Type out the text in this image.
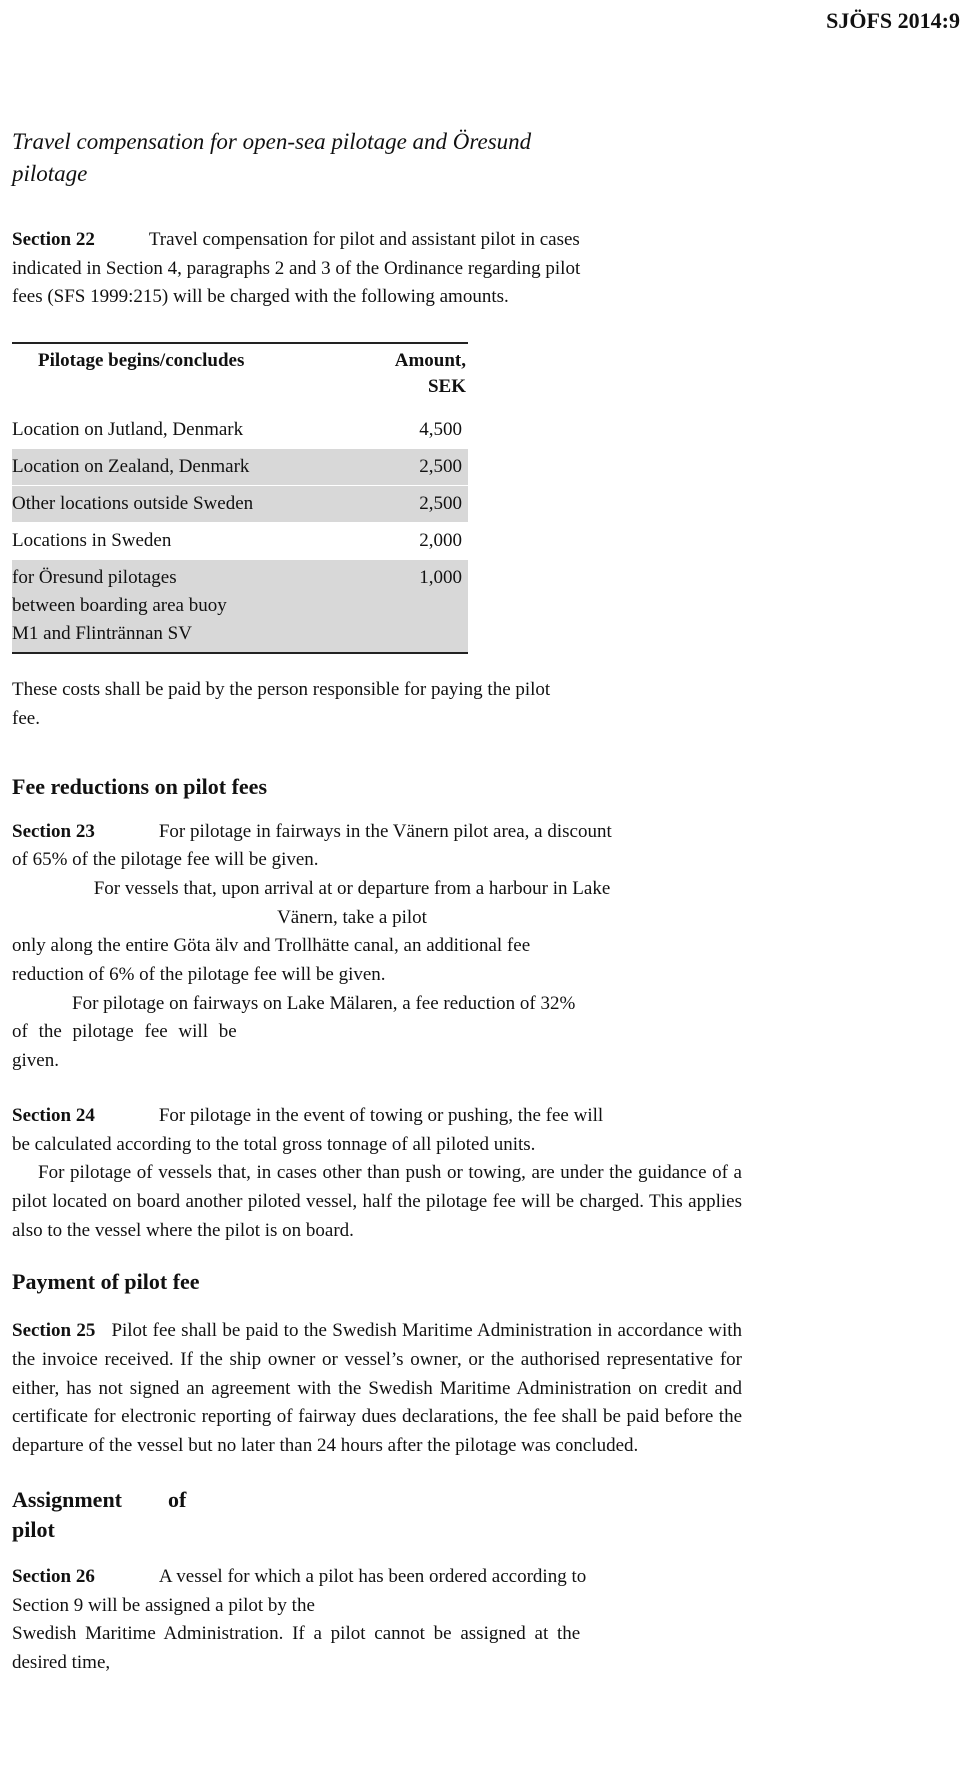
SJÖFS 2014:9

Travel compensation for open-sea pilotage and Öresund

pilotage

Section 22	Travel compensation for pilot and assistant pilot in cases

indicated in Section 4, paragraphs 2 and 3 of the Ordinance regarding pilot

fees (SFS 1999:215) will be charged with the following amounts.

Pilotage begins/concludes	Amount,
SEK
Location on Jutland, Denmark	4,500
Location on Zealand, Denmark	2,500
Other locations outside Sweden	2,500
Locations in Sweden	2,000
for Öresund pilotages
between boarding area buoy
M1 and Flintrännan SV	1,000

These costs shall be paid by the person responsible for paying the pilot

fee.

Fee reductions on pilot fees

Section 23	For pilotage in fairways in the Vänern pilot area, a discount

of 65% of the pilotage fee will be given.

For vessels that, upon arrival at or departure from a harbour in Lake

Vänern, take a pilot

only along the entire Göta älv and Trollhätte canal, an additional fee

reduction of 6% of the pilotage fee will be given.

For pilotage on fairways on Lake Mälaren, a fee reduction of 32%

of the pilotage fee will be

given.

Section 24	For pilotage in the event of towing or pushing, the fee will

be calculated according to the total gross tonnage of all piloted units.

For pilotage of vessels that, in cases other than push or towing, are under the guidance of a pilot located on board another piloted vessel, half the pilotage fee will be charged. This applies also to the vessel where the pilot is on board.

Payment of pilot fee

Section 25 Pilot fee shall be paid to the Swedish Maritime Administration in accordance with the invoice received. If the ship owner or vessel’s owner, or the authorised representative for either, has not signed an agreement with the Swedish Maritime Administration on credit and certificate for electronic reporting of fairway dues declarations, the fee shall be paid before the departure of the vessel but no later than 24 hours after the pilotage was concluded.

Assignment of
pilot

Section 26	A vessel for which a pilot has been ordered according to

Section 9 will be assigned a pilot by the

Swedish Maritime Administration. If a pilot cannot be assigned at the

desired time,
